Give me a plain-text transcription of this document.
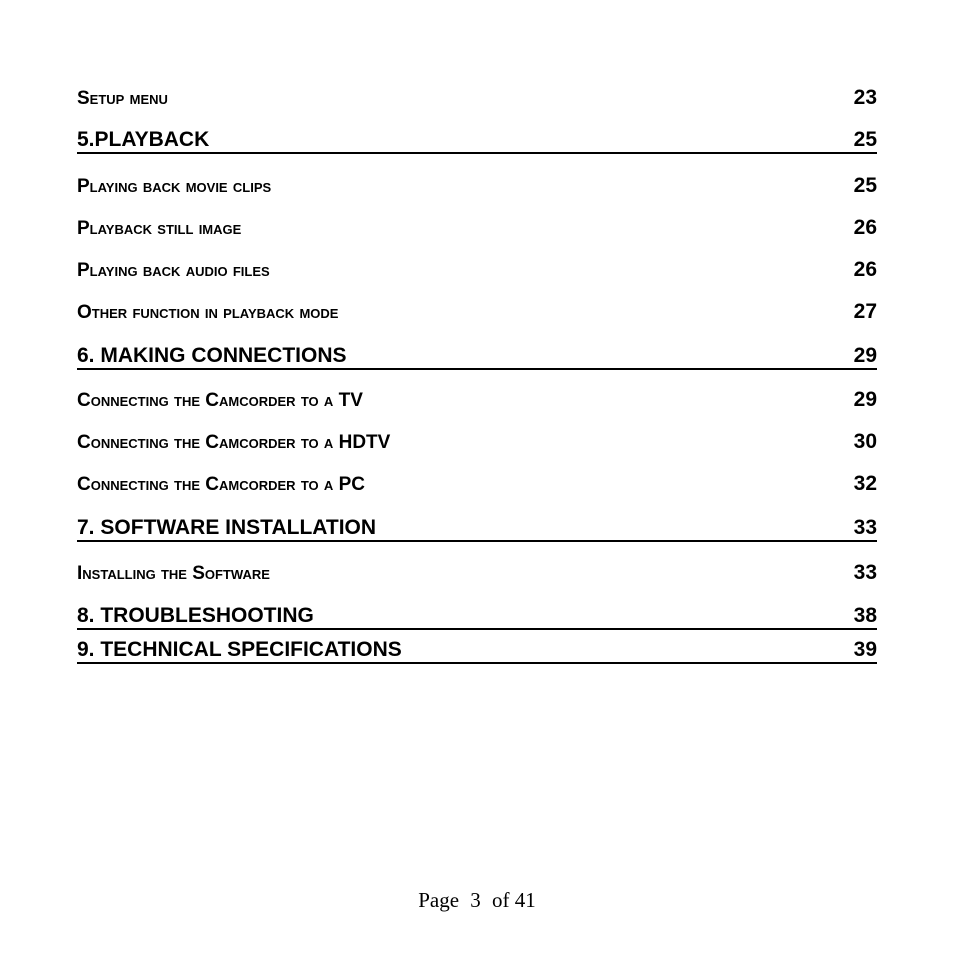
Setup menu	23
5.PLAYBACK	25
Playing back movie clips	25
Playback still image	26
Playing back audio files	26
Other function in playback mode	27
6. MAKING CONNECTIONS	29
Connecting the Camcorder to a TV	29
Connecting the Camcorder to a HDTV	30
Connecting the Camcorder to a PC	32
7. SOFTWARE INSTALLATION	33
Installing the Software	33
8. TROUBLESHOOTING	38
9. TECHNICAL SPECIFICATIONS	39
Page 3 of 41
